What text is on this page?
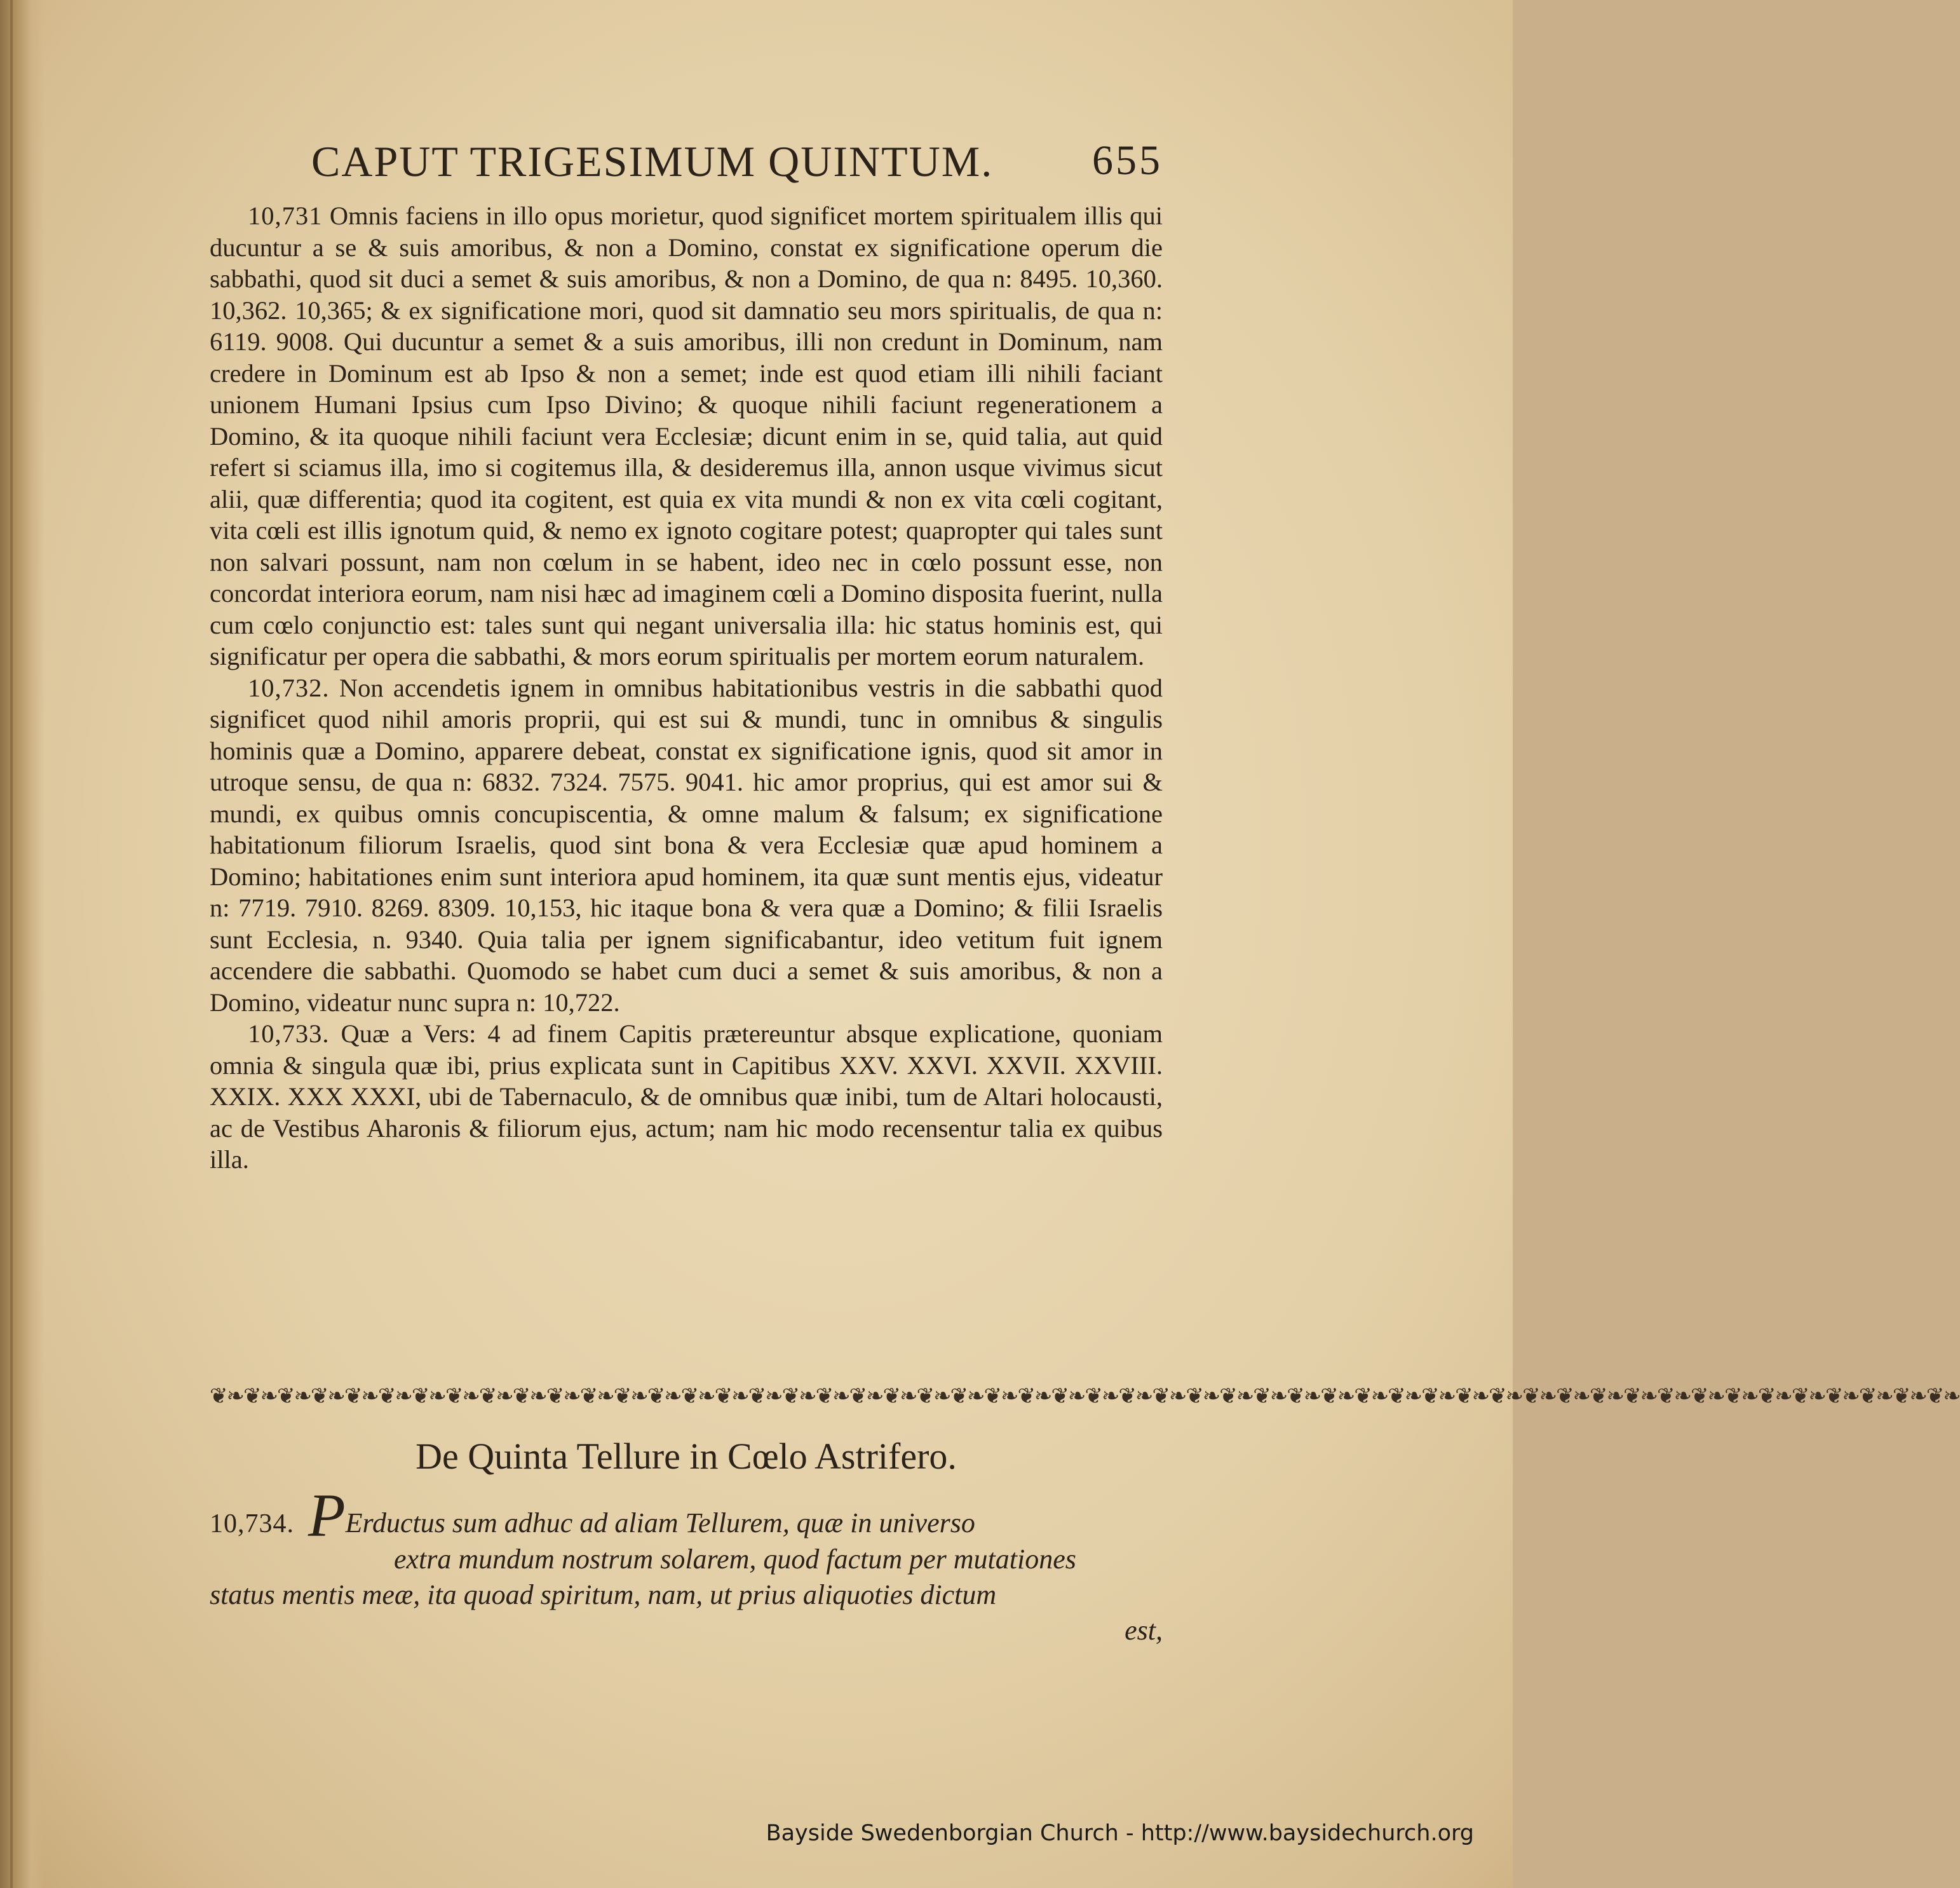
CAPUT TRIGESIMUM QUINTUM. 655

10,731 Omnis faciens in illo opus morietur, quod significet mortem spiritualem illis qui ducuntur a se & suis amoribus, & non a Domino, constat ex significatione operum die sabbathi, quod sit duci a semet & suis amoribus, & non a Domino, de qua n: 8495. 10,360. 10,362. 10,365; & ex significatione mori, quod sit damnatio seu mors spiritualis, de qua n: 6119. 9008. Qui ducuntur a semet & a suis amoribus, illi non credunt in Dominum, nam credere in Dominum est ab Ipso & non a semet; inde est quod etiam illi nihili faciant unionem Humani Ipsius cum Ipso Divino; & quoque nihili faciunt regenerationem a Domino, & ita quoque nihili faciunt vera Ecclesiæ; dicunt enim in se, quid talia, aut quid refert si sciamus illa, imo si cogitemus illa, & desideremus illa, annon usque vivimus sicut alii, quæ differentia; quod ita cogitent, est quia ex vita mundi & non ex vita cœli cogitant, vita cœli est illis ignotum quid, & nemo ex ignoto cogitare potest; quapropter qui tales sunt non salvari possunt, nam non cœlum in se habent, ideo nec in cœlo possunt esse, non concordat interiora eorum, nam nisi hæc ad imaginem cœli a Domino disposita fuerint, nulla cum cœlo conjunctio est: tales sunt qui negant universalia illa: hic status hominis est, qui significatur per opera die sabbathi, & mors eorum spiritualis per mortem eorum naturalem.

10,732. Non accendetis ignem in omnibus habitationibus vestris in die sabbathi quod significet quod nihil amoris proprii, qui est sui & mundi, tunc in omnibus & singulis hominis quæ a Domino, apparere debeat, constat ex significatione ignis, quod sit amor in utroque sensu, de qua n: 6832. 7324. 7575. 9041. hic amor proprius, qui est amor sui & mundi, ex quibus omnis concupiscentia, & omne malum & falsum; ex significatione habitationum filiorum Israelis, quod sint bona & vera Ecclesiæ quæ apud hominem a Domino; habitationes enim sunt interiora apud hominem, ita quæ sunt mentis ejus, videatur n: 7719. 7910. 8269. 8309. 10,153, hic itaque bona & vera quæ a Domino; & filii Israelis sunt Ecclesia, n. 9340. Quia talia per ignem significabantur, ideo vetitum fuit ignem accendere die sabbathi. Quomodo se habet cum duci a semet & suis amoribus, & non a Domino, videatur nunc supra n: 10,722.

10,733. Quæ a Vers: 4 ad finem Capitis prætereuntur absque explicatione, quoniam omnia & singula quæ ibi, prius explicata sunt in Capitibus XXV. XXVI. XXVII. XXVIII. XXIX. XXX XXXI, ubi de Tabernaculo, & de omnibus quæ inibi, tum de Altari holocausti, ac de Vestibus Aharonis & filiorum ejus, actum; nam hic modo recensentur talia ex quibus illa.

❦❧❦❧❦❧❦❧❦❧❦❧❦❧❦❧❦❧❦❧❦❧❦❧❦❧❦❧❦❧❦❧❦❧❦❧❦❧❦❧❦❧❦❧❦❧❦❧❦❧❦❧❦❧❦❧❦❧❦❧❦❧❦❧❦❧❦❧❦❧❦❧❦❧❦❧❦❧❦❧❦❧❦❧❦❧❦❧❦❧❦❧❦❧❦❧❦❧❦❧❦❧❦❧
De Quinta Tellure in Cœlo Astrifero.
10,734. PErductus sum adhuc ad aliam Tellurem, quæ in universo
extra mundum nostrum solarem, quod factum per mutationes
status mentis meæ, ita quoad spiritum, nam, ut prius aliquoties dictum
est,
Bayside Swedenborgian Church - http://www.baysidechurch.org
